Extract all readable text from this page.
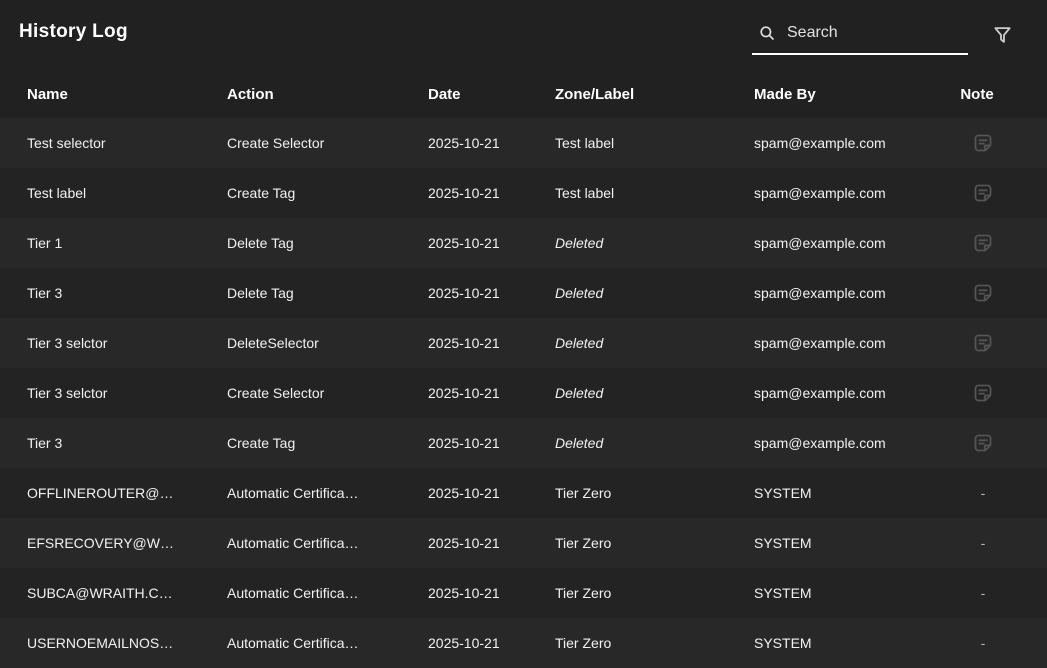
History Log
Search
Name	Action	Date	Zone/Label	Made By	Note
Test selector	Create Selector	2025-10-21	Test label	spam@example.com
Test label	Create Tag	2025-10-21	Test label	spam@example.com
Tier 1	Delete Tag	2025-10-21	Deleted	spam@example.com
Tier 3	Delete Tag	2025-10-21	Deleted	spam@example.com
Tier 3 selctor	DeleteSelector	2025-10-21	Deleted	spam@example.com
Tier 3 selctor	Create Selector	2025-10-21	Deleted	spam@example.com
Tier 3	Create Tag	2025-10-21	Deleted	spam@example.com
OFFLINEROUTER@…	Automatic Certifica…	2025-10-21	Tier Zero	SYSTEM	-
EFSRECOVERY@W…	Automatic Certifica…	2025-10-21	Tier Zero	SYSTEM	-
SUBCA@WRAITH.C…	Automatic Certifica…	2025-10-21	Tier Zero	SYSTEM	-
USERNOEMAILNOS…	Automatic Certifica…	2025-10-21	Tier Zero	SYSTEM	-
